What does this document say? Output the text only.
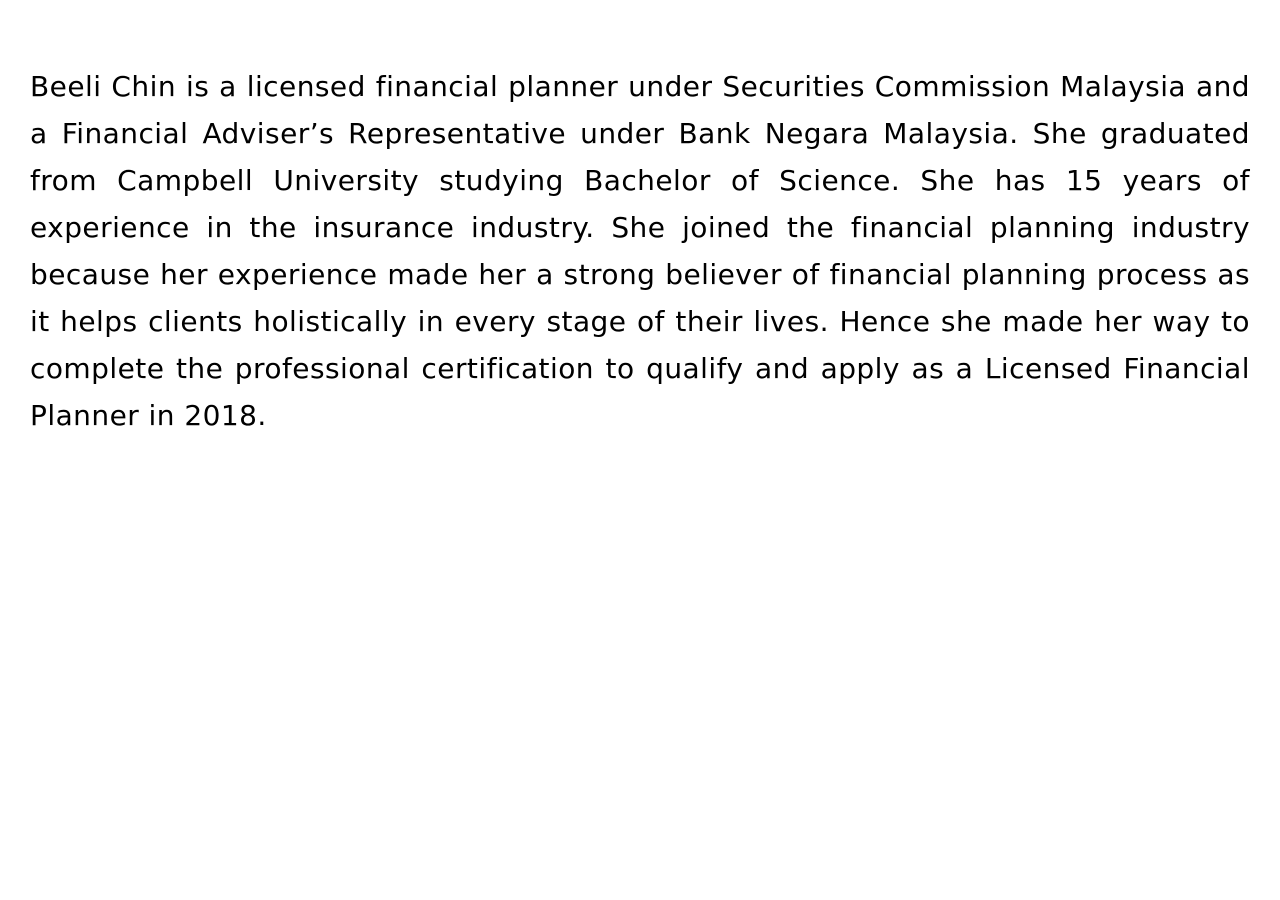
Beeli Chin is a licensed financial planner under Securities Commission Malaysia and a Financial Adviser’s Representative under Bank Negara Malaysia. She graduated from Campbell University studying Bachelor of Science. She has 15 years of experience in the insurance industry. She joined the financial planning industry because her experience made her a strong believer of financial planning process as it helps clients holistically in every stage of their lives. Hence she made her way to complete the professional certification to qualify and apply as a Licensed Financial Planner in 2018.
